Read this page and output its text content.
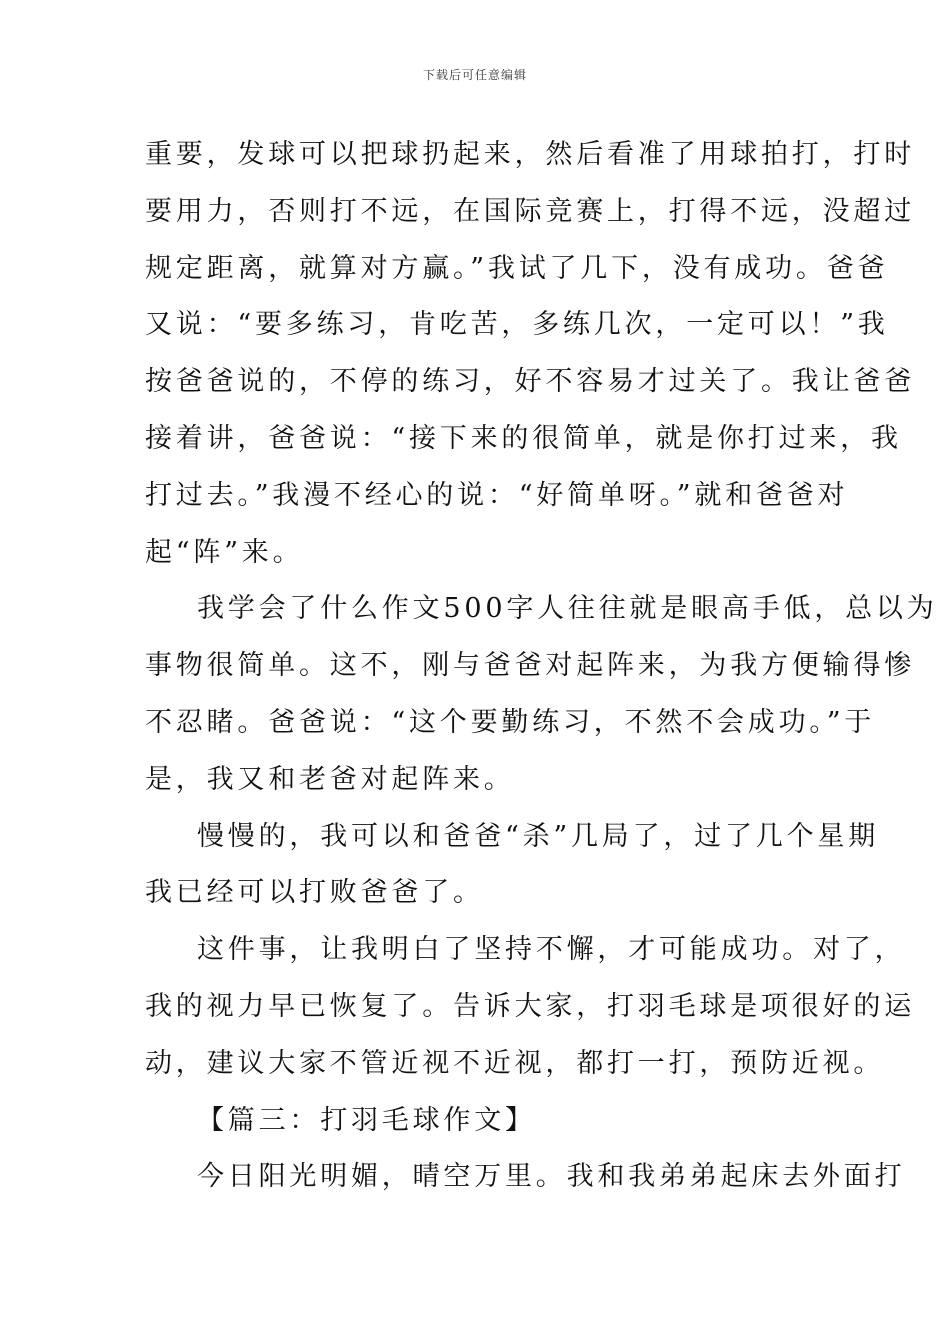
下载后可任意编辑

重要，发球可以把球扔起来，然后看准了用球拍打，打时
要用力，否则打不远，在国际竞赛上，打得不远，没超过
规定距离，就算对方赢。”我试了几下，没有成功。爸爸
又说：“要多练习，肯吃苦，多练几次，一定可以！”我
按爸爸说的，不停的练习，好不容易才过关了。我让爸爸
接着讲，爸爸说：“接下来的很简单，就是你打过来，我
打过去。”我漫不经心的说：“好简单呀。”就和爸爸对
起“阵”来。

我学会了什么作文500字人往往就是眼高手低，总以为
事物很简单。这不，刚与爸爸对起阵来，为我方便输得惨
不忍睹。爸爸说：“这个要勤练习，不然不会成功。”于
是，我又和老爸对起阵来。

慢慢的，我可以和爸爸“杀”几局了，过了几个星期
我已经可以打败爸爸了。

这件事，让我明白了坚持不懈，才可能成功。对了，
我的视力早已恢复了。告诉大家，打羽毛球是项很好的运
动，建议大家不管近视不近视，都打一打，预防近视。

【篇三：打羽毛球作文】

今日阳光明媚，晴空万里。我和我弟弟起床去外面打
